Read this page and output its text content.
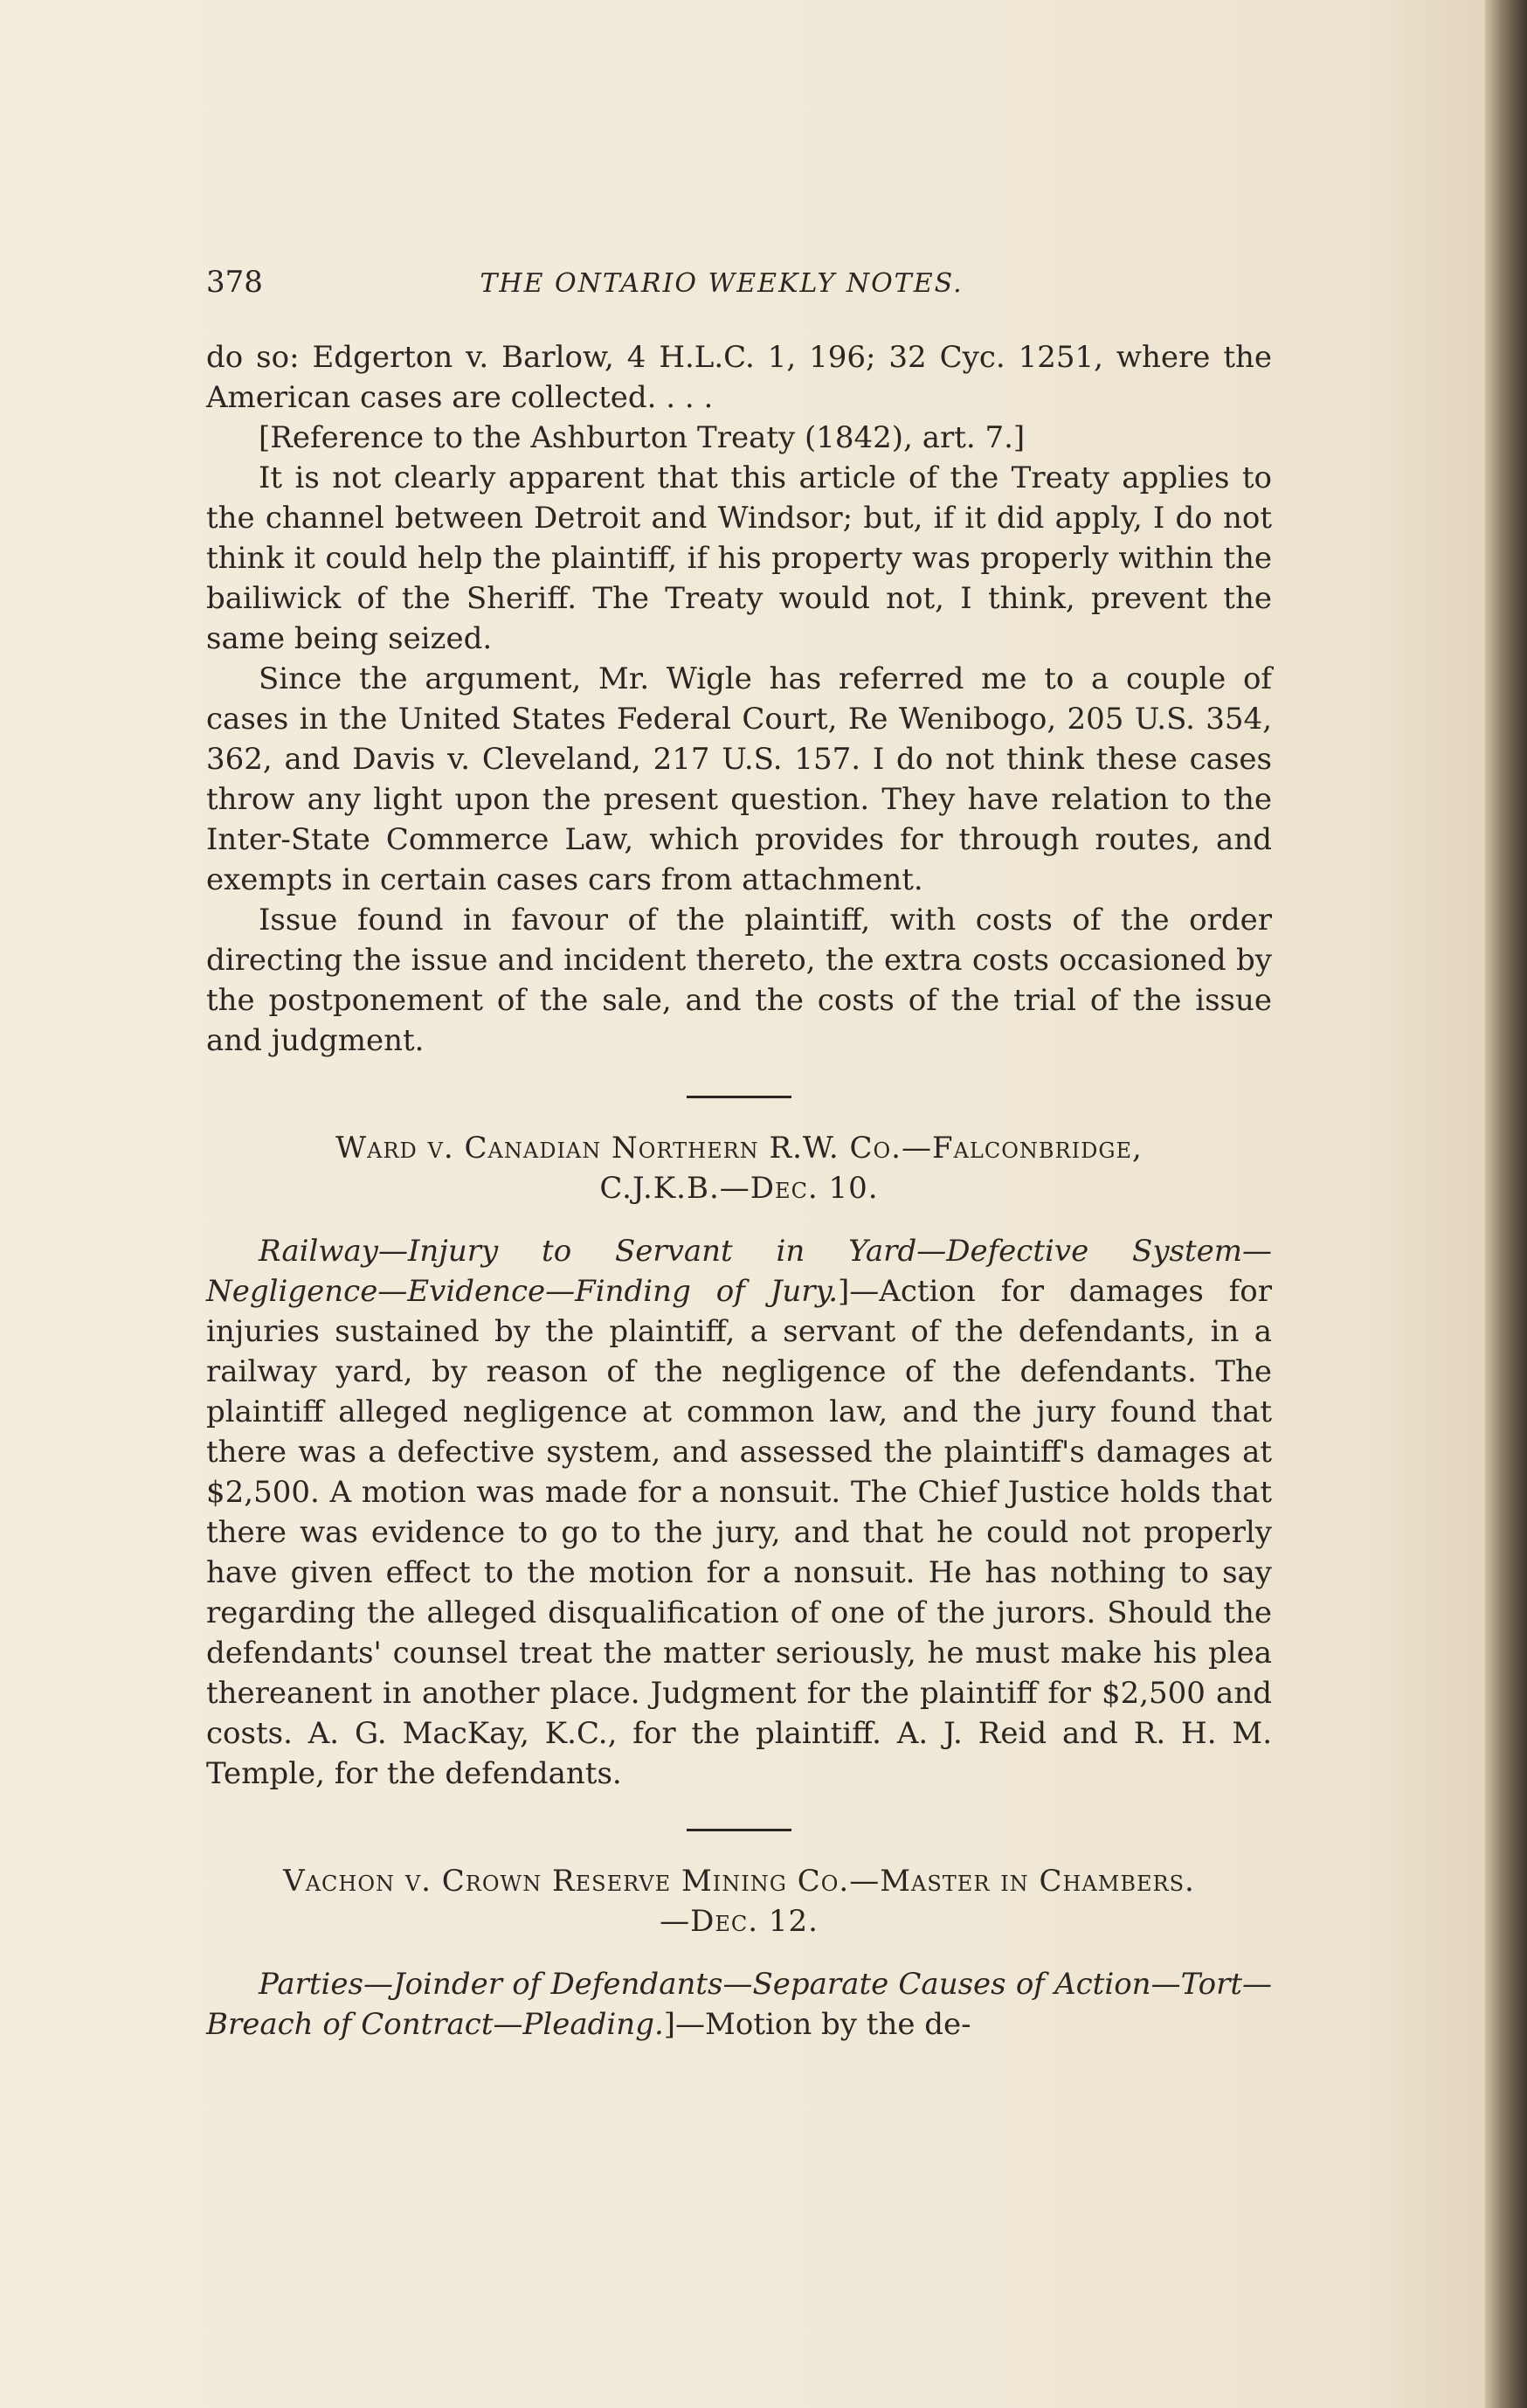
378	THE ONTARIO WEEKLY NOTES.

do so: Edgerton v. Barlow, 4 H.L.C. 1, 196; 32 Cyc. 1251, where the American cases are collected. . . .

[Reference to the Ashburton Treaty (1842), art. 7.]

It is not clearly apparent that this article of the Treaty applies to the channel between Detroit and Windsor; but, if it did apply, I do not think it could help the plaintiff, if his property was properly within the bailiwick of the Sheriff. The Treaty would not, I think, prevent the same being seized.

Since the argument, Mr. Wigle has referred me to a couple of cases in the United States Federal Court, Re Wenibogo, 205 U.S. 354, 362, and Davis v. Cleveland, 217 U.S. 157. I do not think these cases throw any light upon the present question. They have relation to the Inter-State Commerce Law, which provides for through routes, and exempts in certain cases cars from attachment.

Issue found in favour of the plaintiff, with costs of the order directing the issue and incident thereto, the extra costs occasioned by the postponement of the sale, and the costs of the trial of the issue and judgment.

Ward v. Canadian Northern R.W. Co.—Falconbridge,
C.J.K.B.—Dec. 10.

Railway—Injury to Servant in Yard—Defective System—Negligence—Evidence—Finding of Jury.]—Action for damages for injuries sustained by the plaintiff, a servant of the defendants, in a railway yard, by reason of the negligence of the defendants. The plaintiff alleged negligence at common law, and the jury found that there was a defective system, and assessed the plaintiff's damages at $2,500. A motion was made for a nonsuit. The Chief Justice holds that there was evidence to go to the jury, and that he could not properly have given effect to the motion for a nonsuit. He has nothing to say regarding the alleged disqualification of one of the jurors. Should the defendants' counsel treat the matter seriously, he must make his plea thereanent in another place. Judgment for the plaintiff for $2,500 and costs. A. G. MacKay, K.C., for the plaintiff. A. J. Reid and R. H. M. Temple, for the defendants.

Vachon v. Crown Reserve Mining Co.—Master in Chambers.
—Dec. 12.

Parties—Joinder of Defendants—Separate Causes of Action—Tort—Breach of Contract—Pleading.]—Motion by the de-
